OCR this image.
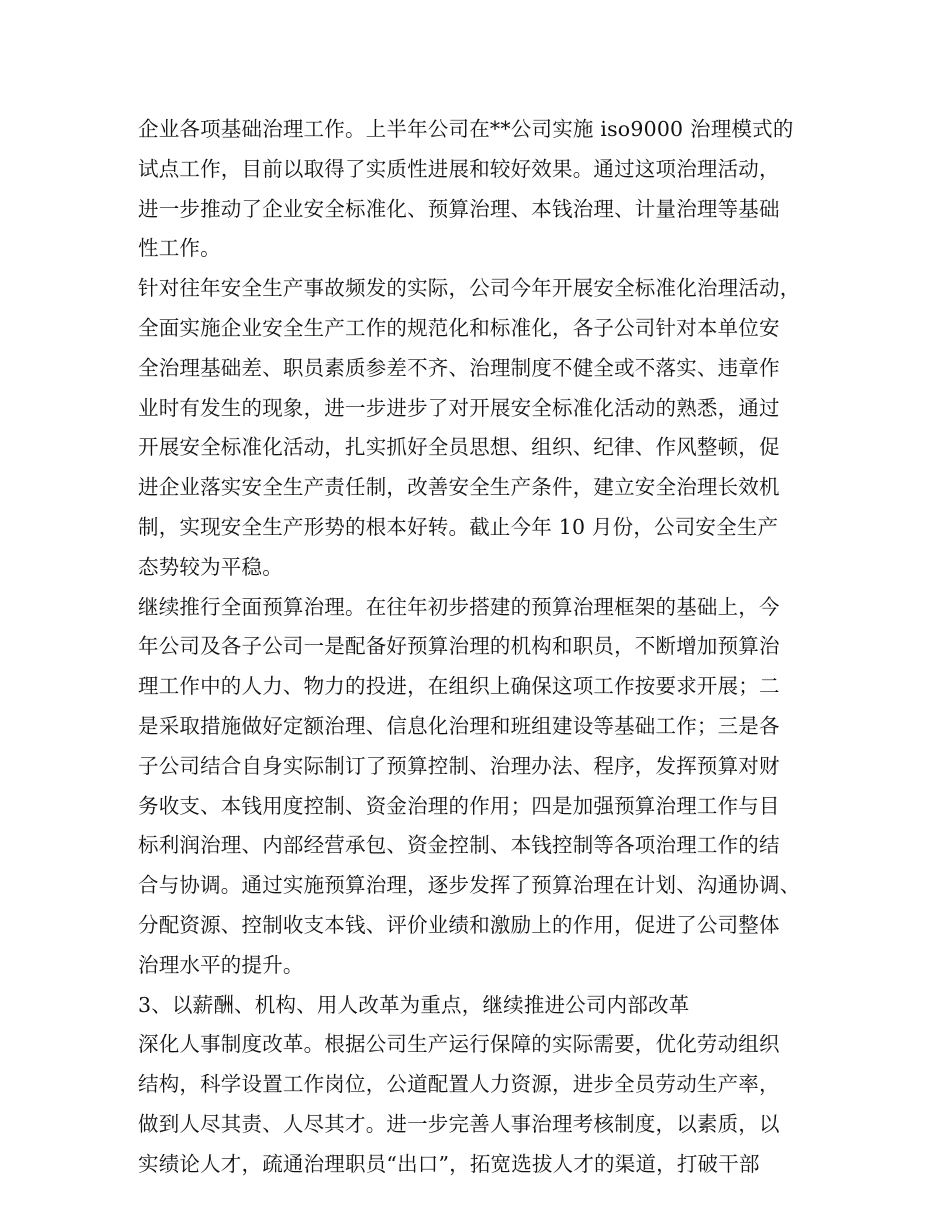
企业各项基础治理工作。上半年公司在**公司实施 iso9000 治理模式的
试点工作，目前以取得了实质性进展和较好效果。通过这项治理活动，
进一步推动了企业安全标准化、预算治理、本钱治理、计量治理等基础
性工作。
针对往年安全生产事故频发的实际，公司今年开展安全标准化治理活动，
全面实施企业安全生产工作的规范化和标准化，各子公司针对本单位安
全治理基础差、职员素质参差不齐、治理制度不健全或不落实、违章作
业时有发生的现象，进一步进步了对开展安全标准化活动的熟悉，通过
开展安全标准化活动，扎实抓好全员思想、组织、纪律、作风整顿，促
进企业落实安全生产责任制，改善安全生产条件，建立安全治理长效机
制，实现安全生产形势的根本好转。截止今年 10 月份，公司安全生产
态势较为平稳。
继续推行全面预算治理。在往年初步搭建的预算治理框架的基础上，今
年公司及各子公司一是配备好预算治理的机构和职员，不断增加预算治
理工作中的人力、物力的投进，在组织上确保这项工作按要求开展；二
是采取措施做好定额治理、信息化治理和班组建设等基础工作；三是各
子公司结合自身实际制订了预算控制、治理办法、程序，发挥预算对财
务收支、本钱用度控制、资金治理的作用；四是加强预算治理工作与目
标利润治理、内部经营承包、资金控制、本钱控制等各项治理工作的结
合与协调。通过实施预算治理，逐步发挥了预算治理在计划、沟通协调、
分配资源、控制收支本钱、评价业绩和激励上的作用，促进了公司整体
治理水平的提升。
3、以薪酬、机构、用人改革为重点，继续推进公司内部改革
深化人事制度改革。根据公司生产运行保障的实际需要，优化劳动组织
结构，科学设置工作岗位，公道配置人力资源，进步全员劳动生产率，
做到人尽其责、人尽其才。进一步完善人事治理考核制度，以素质，以
实绩论人才，疏通治理职员“出口”，拓宽选拔人才的渠道，打破干部
